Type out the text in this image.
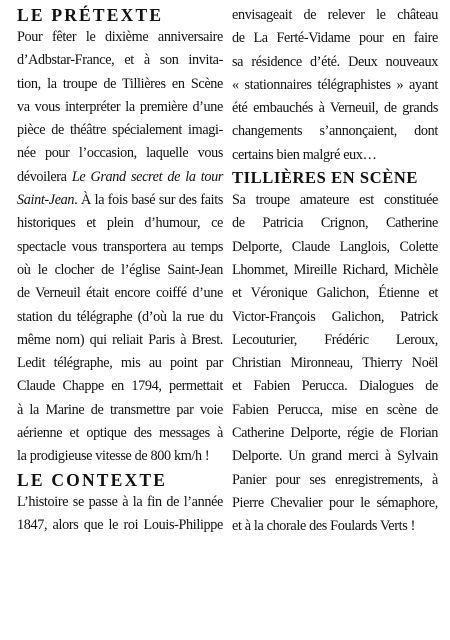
LE PRÉTEXTE

Pour fêter le dixième anniversaire

d’Adbstar-France, et à son invita-

tion, la troupe de Tillières en Scène

va vous interpréter la première d’une

pièce de théâtre spécialement imagi-

née pour l’occasion, laquelle vous

dévoilera Le Grand secret de la tour

Saint-Jean. À la fois basé sur des faits

historiques et plein d’humour, ce

spectacle vous transportera au temps

où le clocher de l’église Saint-Jean

de Verneuil était encore coiffé d’une

station du télégraphe (d’où la rue du

même nom) qui reliait Paris à Brest.

Ledit télégraphe, mis au point par

Claude Chappe en 1794, permettait

à la Marine de transmettre par voie

aérienne et optique des messages à

la prodigieuse vitesse de 800 km/h !

LE CONTEXTE

L’histoire se passe à la fin de l’année

1847, alors que le roi Louis-Philippe

envisageait de relever le château

de La Ferté-Vidame pour en faire

sa résidence d’été. Deux nouveaux

« stationnaires télégraphistes » ayant

été embauchés à Verneuil, de grands

changements s’annonçaient, dont

certains bien malgré eux…

TILLIÈRES EN SCÈNE

Sa troupe amateure est constituée

de Patricia Crignon, Catherine

Delporte, Claude Langlois, Colette

Lhommet, Mireille Richard, Michèle

et Véronique Galichon, Étienne et

Victor-François Galichon, Patrick

Lecouturier, Frédéric Leroux,

Christian Mironneau, Thierry Noël

et Fabien Perucca. Dialogues de

Fabien Perucca, mise en scène de

Catherine Delporte, régie de Florian

Delporte. Un grand merci à Sylvain

Panier pour ses enregistrements, à

Pierre Chevalier pour le sémaphore,

et à la chorale des Foulards Verts !
